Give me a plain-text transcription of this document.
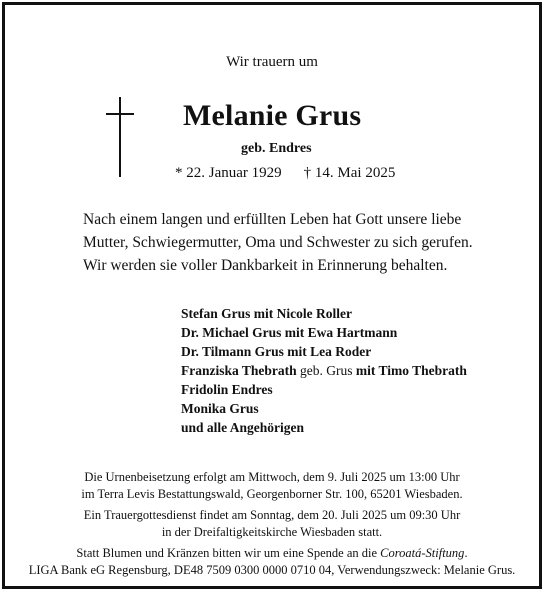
Wir trauern um
Melanie Grus
geb. Endres
* 22. Januar 1929 † 14. Mai 2025
Nach einem langen und erfüllten Leben hat Gott unsere liebe
Mutter, Schwiegermutter, Oma und Schwester zu sich gerufen.
Wir werden sie voller Dankbarkeit in Erinnerung behalten.
Stefan Grus mit Nicole Roller
Dr. Michael Grus mit Ewa Hartmann
Dr. Tilmann Grus mit Lea Roder
Franziska Thebrath geb. Grus mit Timo Thebrath
Fridolin Endres
Monika Grus
und alle Angehörigen
Die Urnenbeisetzung erfolgt am Mittwoch, dem 9. Juli 2025 um 13:00 Uhr
im Terra Levis Bestattungswald, Georgenborner Str. 100, 65201 Wiesbaden.
Ein Trauergottesdienst findet am Sonntag, dem 20. Juli 2025 um 09:30 Uhr
in der Dreifaltigkeitskirche Wiesbaden statt.
Statt Blumen und Kränzen bitten wir um eine Spende an die Coroatá-Stiftung.
LIGA Bank eG Regensburg, DE48 7509 0300 0000 0710 04, Verwendungszweck: Melanie Grus.
